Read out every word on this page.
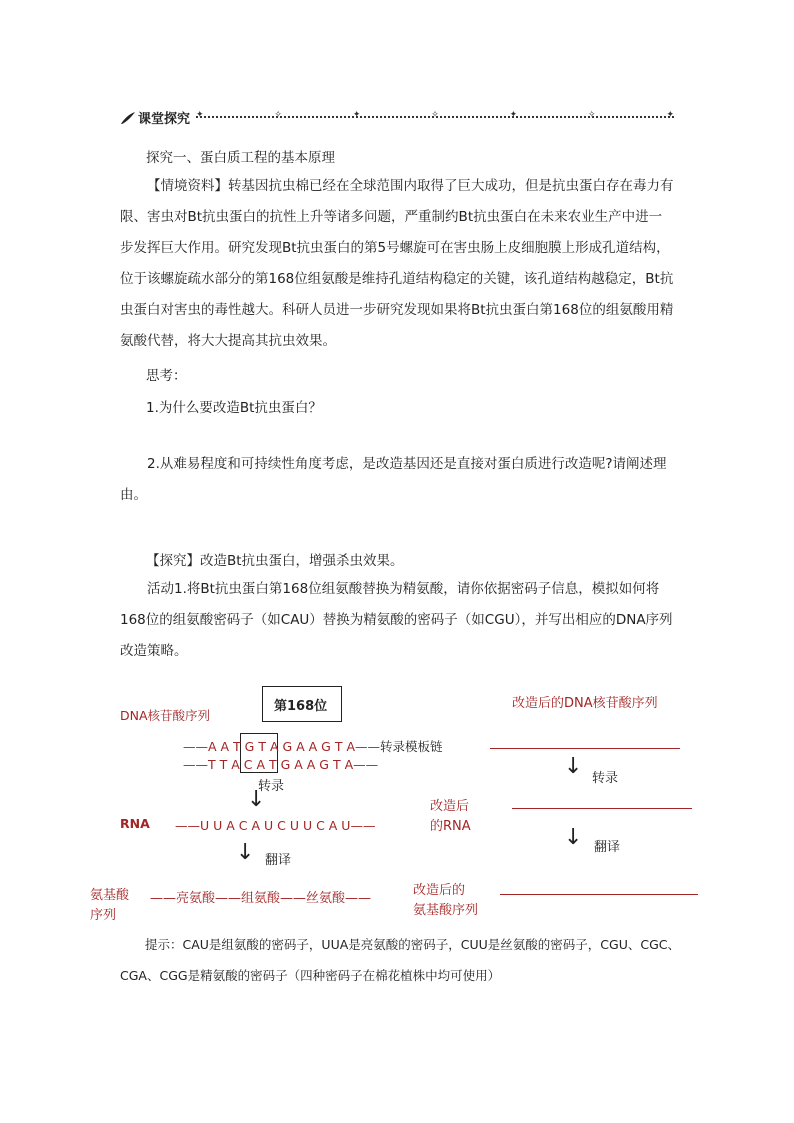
课堂探究 ✦	✧	✦	✧	✦	✧	✦
探究一、蛋白质工程的基本原理

【情境资料】转基因抗虫棉已经在全球范围内取得了巨大成功，但是抗虫蛋白存在毒力有限、害虫对Bt抗虫蛋白的抗性上升等诸多问题，严重制约Bt抗虫蛋白在未来农业生产中进一步发挥巨大作用。研究发现Bt抗虫蛋白的第5号螺旋可在害虫肠上皮细胞膜上形成孔道结构，位于该螺旋疏水部分的第168位组氨酸是维持孔道结构稳定的关键，该孔道结构越稳定，Bt抗虫蛋白对害虫的毒性越大。科研人员进一步研究发现如果将Bt抗虫蛋白第168位的组氨酸用精氨酸代替，将大大提高其抗虫效果。

思考：
1.为什么要改造Bt抗虫蛋白？

2.从难易程度和可持续性角度考虑，是改造基因还是直接对蛋白质进行改造呢?请阐述理由。

【探究】改造Bt抗虫蛋白，增强杀虫效果。

活动1.将Bt抗虫蛋白第168位组氨酸替换为精氨酸，请你依据密码子信息，模拟如何将168位的组氨酸密码子（如CAU）替换为精氨酸的密码子（如CGU），并写出相应的DNA序列改造策略。

第168位
DNA核苷酸序列
——A A T G T A G A A G T A——转录模板链
——T T A C A T G A A G T A——
转录
↓
RNA ——U U A C A U C U U C A U——
↓ 翻译
氨基酸
序列
——亮氨酸——组氨酸——丝氨酸——
改造后的DNA核苷酸序列
↓ 转录
改造后
的RNA	↓ 翻译
改造后的
氨基酸序列

提示：CAU是组氨酸的密码子，UUA是亮氨酸的密码子，CUU是丝氨酸的密码子，CGU、CGC、CGA、CGG是精氨酸的密码子（四种密码子在棉花植株中均可使用）
